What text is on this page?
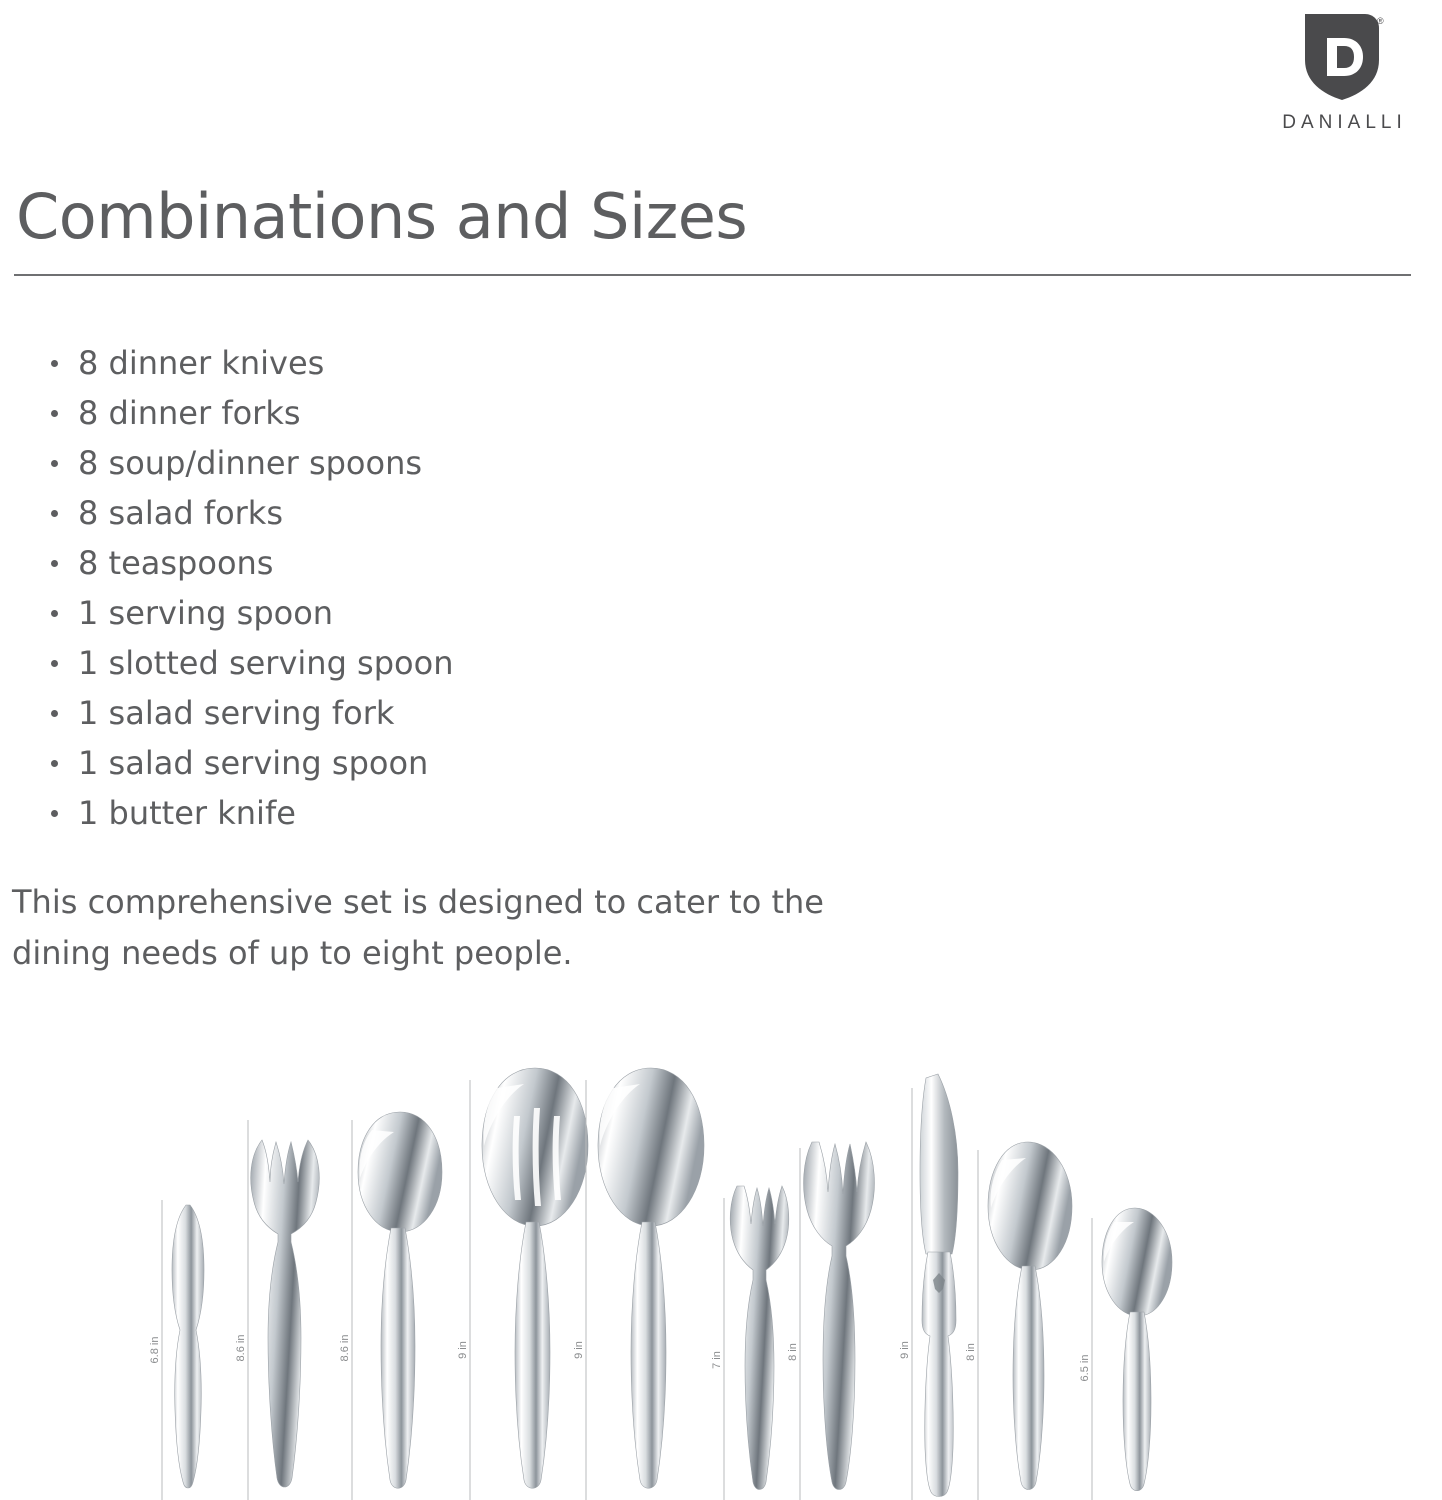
®
DANIALLI
Combinations and Sizes
8 dinner knives
8 dinner forks
8 soup/dinner spoons
8 salad forks
8 teaspoons
1 serving spoon
1 slotted serving spoon
1 salad serving fork
1 salad serving spoon
1 butter knife

This comprehensive set is designed to cater to the dining needs of up to eight people.

6.8 in	8.6 in	8.6 in	9 in	9 in
7 in	8 in	9 in	8 in
6.5 in
